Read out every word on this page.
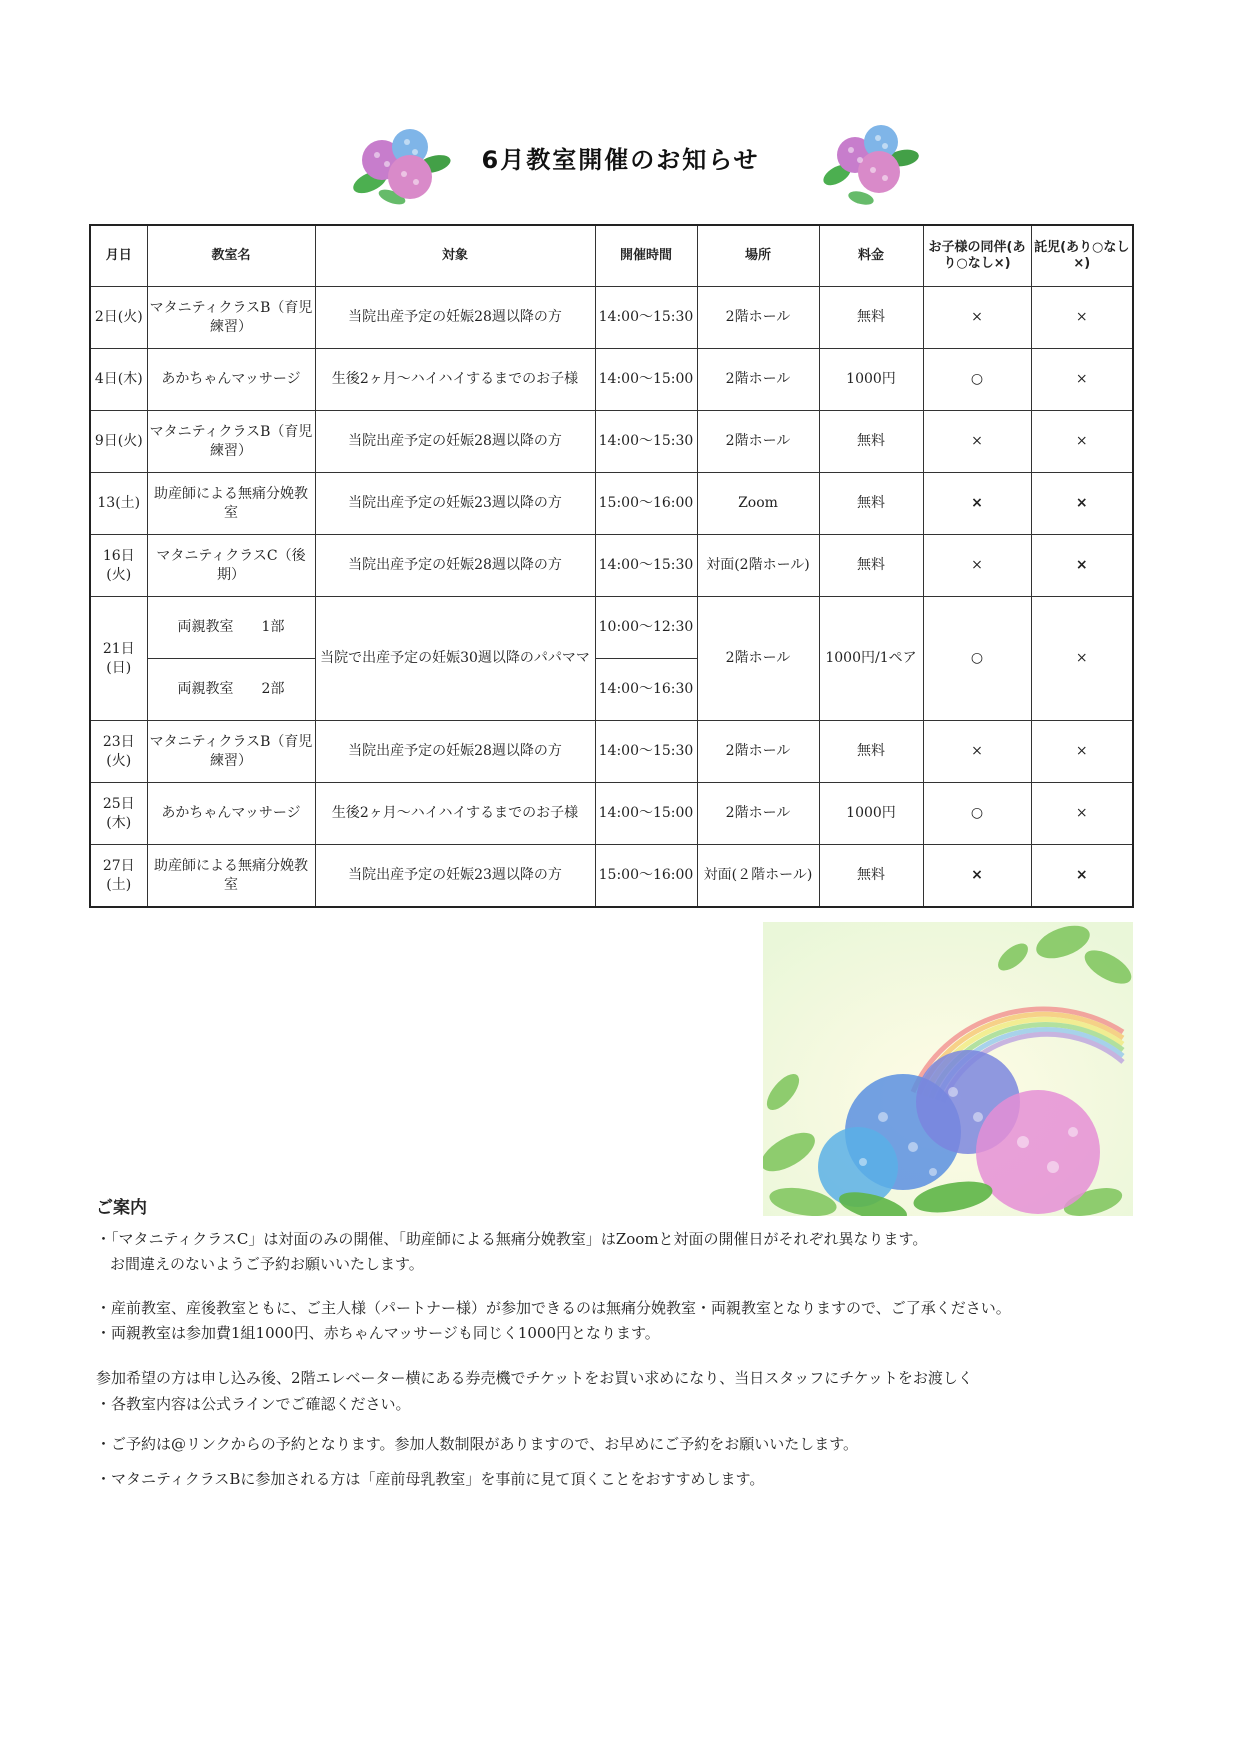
6月教室開催のお知らせ
月日	教室名	対象	開催時間	場所	料金	お子様の同伴(あり○なし×)	託児(あり○なし×)
2日(火)	マタニティクラスB（育児練習）	当院出産予定の妊娠28週以降の方	14:00～15:30	2階ホール	無料	×	×
4日(木)	あかちゃんマッサージ	生後2ヶ月～ハイハイするまでのお子様	14:00～15:00	2階ホール	1000円	○	×
9日(火)	マタニティクラスB（育児練習）	当院出産予定の妊娠28週以降の方	14:00～15:30	2階ホール	無料	×	×
13(土)	助産師による無痛分娩教室	当院出産予定の妊娠23週以降の方	15:00～16:00	Zoom	無料	×	×
16日(火)	マタニティクラスC（後期）	当院出産予定の妊娠28週以降の方	14:00～15:30	対面(2階ホール)	無料	×	×
21日(日)	両親教室　　1部	当院で出産予定の妊娠30週以降のパパママ	10:00～12:30	2階ホール	1000円/1ペア	○	×
	両親教室　　2部		14:00～16:30				
23日(火)	マタニティクラスB（育児練習）	当院出産予定の妊娠28週以降の方	14:00～15:30	2階ホール	無料	×	×
25日(木)	あかちゃんマッサージ	生後2ヶ月～ハイハイするまでのお子様	14:00～15:00	2階ホール	1000円	○	×
27日(土)	助産師による無痛分娩教室	当院出産予定の妊娠23週以降の方	15:00～16:00	対面(２階ホール)	無料	×	×
ご案内
・「マタニティクラスC」は対面のみの開催、「助産師による無痛分娩教室」はZoomと対面の開催日がそれぞれ異なります。
お間違えのないようご予約お願いいたします。
・産前教室、産後教室ともに、ご主人様（パートナー様）が参加できるのは無痛分娩教室・両親教室となりますので、ご了承ください。
・両親教室は参加費1組1000円、赤ちゃんマッサージも同じく1000円となります。
参加希望の方は申し込み後、2階エレベーター横にある券売機でチケットをお買い求めになり、当日スタッフにチケットをお渡しく
・各教室内容は公式ラインでご確認ください。
・ご予約は@リンクからの予約となります。参加人数制限がありますので、お早めにご予約をお願いいたします。
・マタニティクラスBに参加される方は「産前母乳教室」を事前に見て頂くことをおすすめします。
